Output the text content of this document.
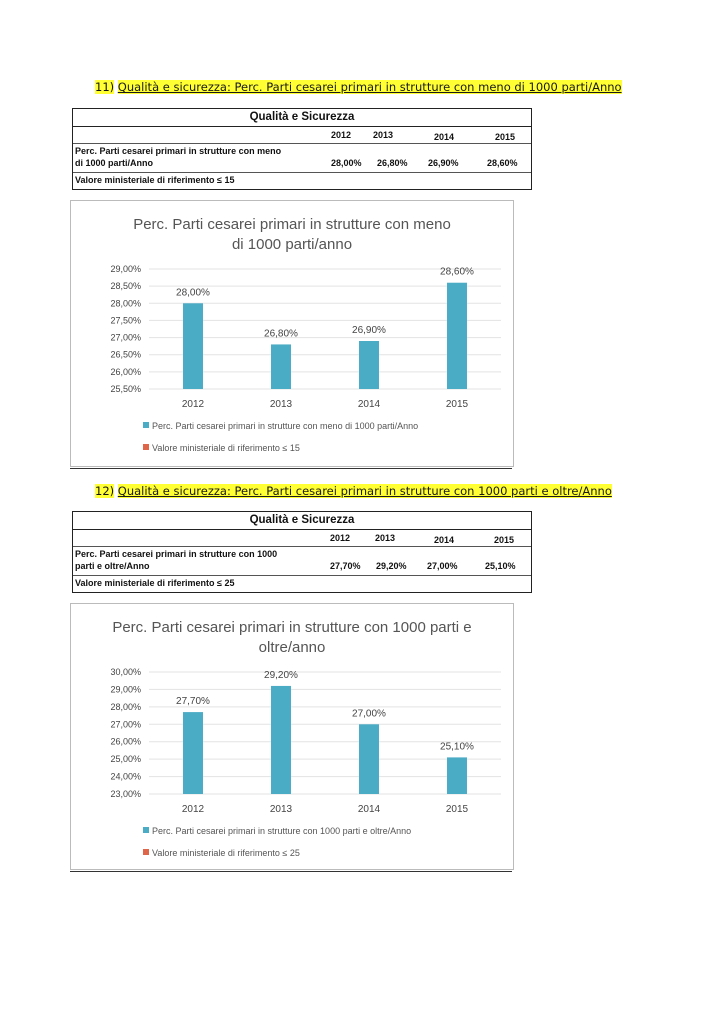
11) Qualità e sicurezza: Perc. Parti cesarei primari in strutture con meno di 1000 parti/Anno
Qualità e Sicurezza
2012 2013	2014	2015
Perc. Parti cesarei primari in strutture con meno
di 1000 parti/Anno	28,00% 26,80% 26,90%	28,60%
Valore ministeriale di riferimento ≤ 15
Perc. Parti cesarei primari in strutture con meno
di 1000 parti/anno
25,50%
26,00%
26,50%
27,00%
27,50%
28,00%
28,50%
29,00%
28,00%
2012
26,80%
2013
26,90%
2014
28,60%
2015
Perc. Parti cesarei primari in strutture con meno di 1000 parti/Anno
Valore ministeriale di riferimento ≤ 15
12) Qualità e sicurezza: Perc. Parti cesarei primari in strutture con 1000 parti e oltre/Anno
Qualità e Sicurezza
2012	2013	2014	2015
Perc. Parti cesarei primari in strutture con 1000
parti e oltre/Anno	27,70% 29,20% 27,00%	25,10%
Valore ministeriale di riferimento ≤ 25
Perc. Parti cesarei primari in strutture con 1000 parti e
oltre/anno
23,00%
24,00%
25,00%
26,00%
27,00%
28,00%
29,00%
30,00%
27,70%
2012
29,20%
2013
27,00%
2014
25,10%
2015
Perc. Parti cesarei primari in strutture con 1000 parti e oltre/Anno
Valore ministeriale di riferimento ≤ 25
